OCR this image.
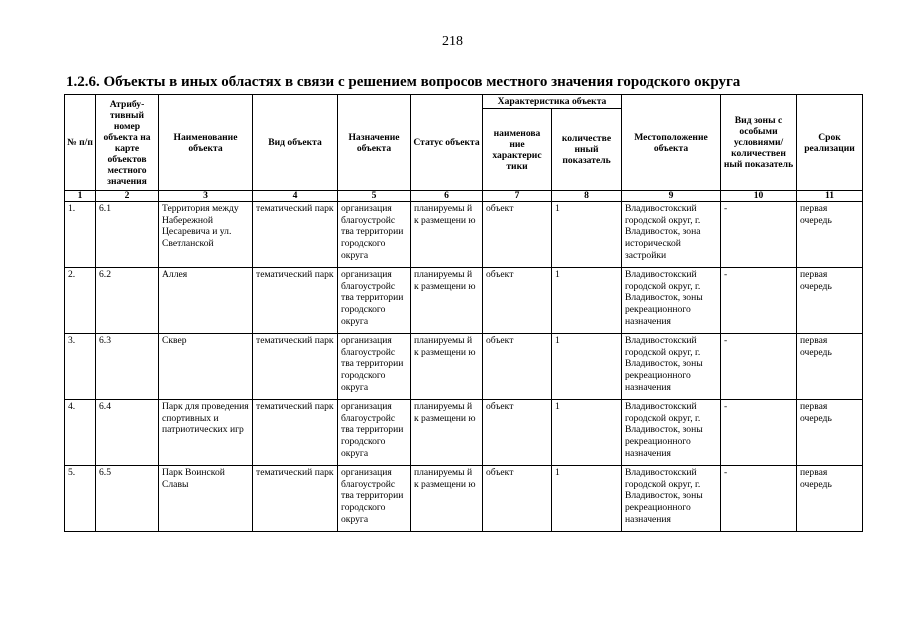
218
1.2.6. Объекты в иных областях в связи с решением вопросов местного значения городского округа
№ п/п	Атрибу-тивный номер объекта на карте объектов местного значения	Наименование объекта	Вид объекта	Назначение объекта	Статус объекта	Характеристика объекта		Местоположение объекта	Вид зоны с особыми условиями/ количествен ный показатель	Срок реализации
						наименова ние характерис тики	количестве нный показатель			
1	2	3	4	5	6	7	8	9	10	11
1.	6.1	Территория между Набережной Цесаревича и ул. Светланской	тематический парк	организация благоустройс тва территории городского округа	планируемы й к размещени ю	объект	1	Владивостокский городской округ, г. Владивосток, зона исторической застройки	-	первая очередь
2.	6.2	Аллея	тематический парк	организация благоустройс тва территории городского округа	планируемы й к размещени ю	объект	1	Владивостокский городской округ, г. Владивосток, зоны рекреационного назначения	-	первая очередь
3.	6.3	Сквер	тематический парк	организация благоустройс тва территории городского округа	планируемы й к размещени ю	объект	1	Владивостокский городской округ, г. Владивосток, зоны рекреационного назначения	-	первая очередь
4.	6.4	Парк для проведения спортивных и патриотических игр	тематический парк	организация благоустройс тва территории городского округа	планируемы й к размещени ю	объект	1	Владивостокский городской округ, г. Владивосток, зоны рекреационного назначения	-	первая очередь
5.	6.5	Парк Воинской Славы	тематический парк	организация благоустройс тва территории городского округа	планируемы й к размещени ю	объект	1	Владивостокский городской округ, г. Владивосток, зоны рекреационного назначения	-	первая очередь
